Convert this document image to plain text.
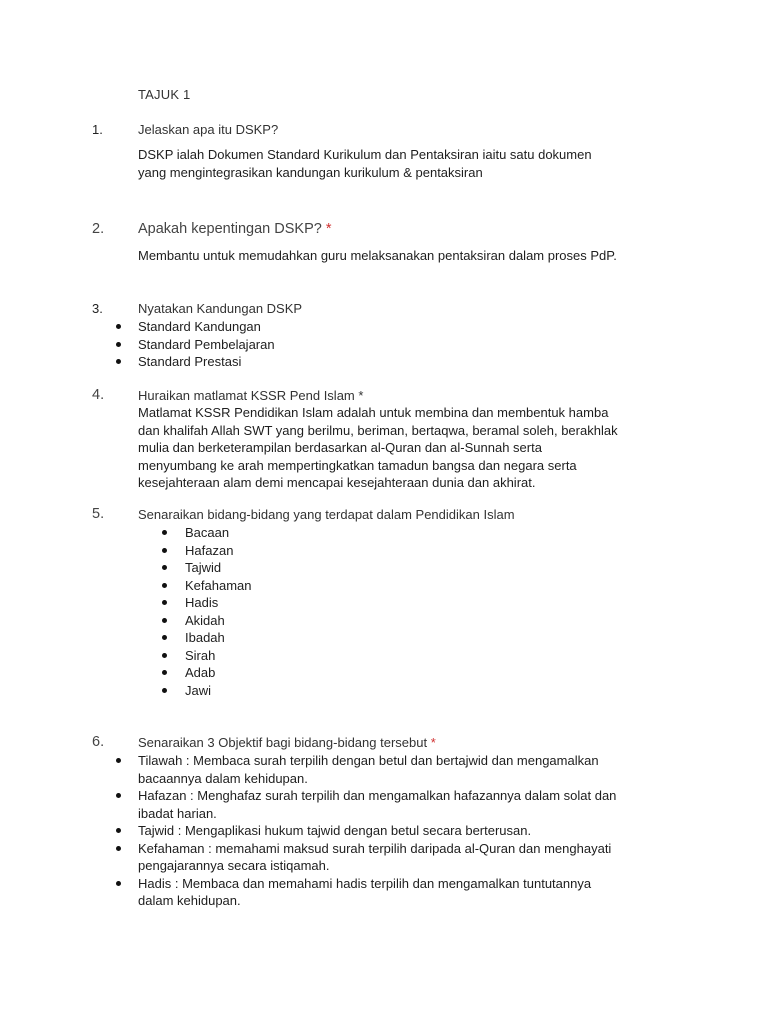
TAJUK 1
1.	Jelaskan apa itu DSKP?
DSKP ialah Dokumen Standard Kurikulum dan Pentaksiran iaitu satu dokumen
yang mengintegrasikan kandungan kurikulum & pentaksiran
2. Apakah kepentingan DSKP? *
Membantu untuk memudahkan guru melaksanakan pentaksiran dalam proses PdP.
3.	Nyatakan Kandungan DSKP
Standard Kandungan
Standard Pembelajaran
Standard Prestasi
4.	Huraikan matlamat KSSR Pend Islam *
Matlamat KSSR Pendidikan Islam adalah untuk membina dan membentuk hamba
dan khalifah Allah SWT yang berilmu, beriman, bertaqwa, beramal soleh, berakhlak
mulia dan berketerampilan berdasarkan al-Quran dan al-Sunnah serta
menyumbang ke arah mempertingkatkan tamadun bangsa dan negara serta
kesejahteraan alam demi mencapai kesejahteraan dunia dan akhirat.
5.	Senaraikan bidang-bidang yang terdapat dalam Pendidikan Islam
Bacaan
Hafazan
Tajwid
Kefahaman
Hadis
Akidah
Ibadah
Sirah
Adab
Jawi
6.	Senaraikan 3 Objektif bagi bidang-bidang tersebut *
Tilawah : Membaca surah terpilih dengan betul dan bertajwid dan mengamalkan
bacaannya dalam kehidupan.
Hafazan : Menghafaz surah terpilih dan mengamalkan hafazannya dalam solat dan
ibadat harian.
Tajwid : Mengaplikasi hukum tajwid dengan betul secara berterusan.
Kefahaman : memahami maksud surah terpilih daripada al-Quran dan menghayati
pengajarannya secara istiqamah.
Hadis : Membaca dan memahami hadis terpilih dan mengamalkan tuntutannya
dalam kehidupan.
